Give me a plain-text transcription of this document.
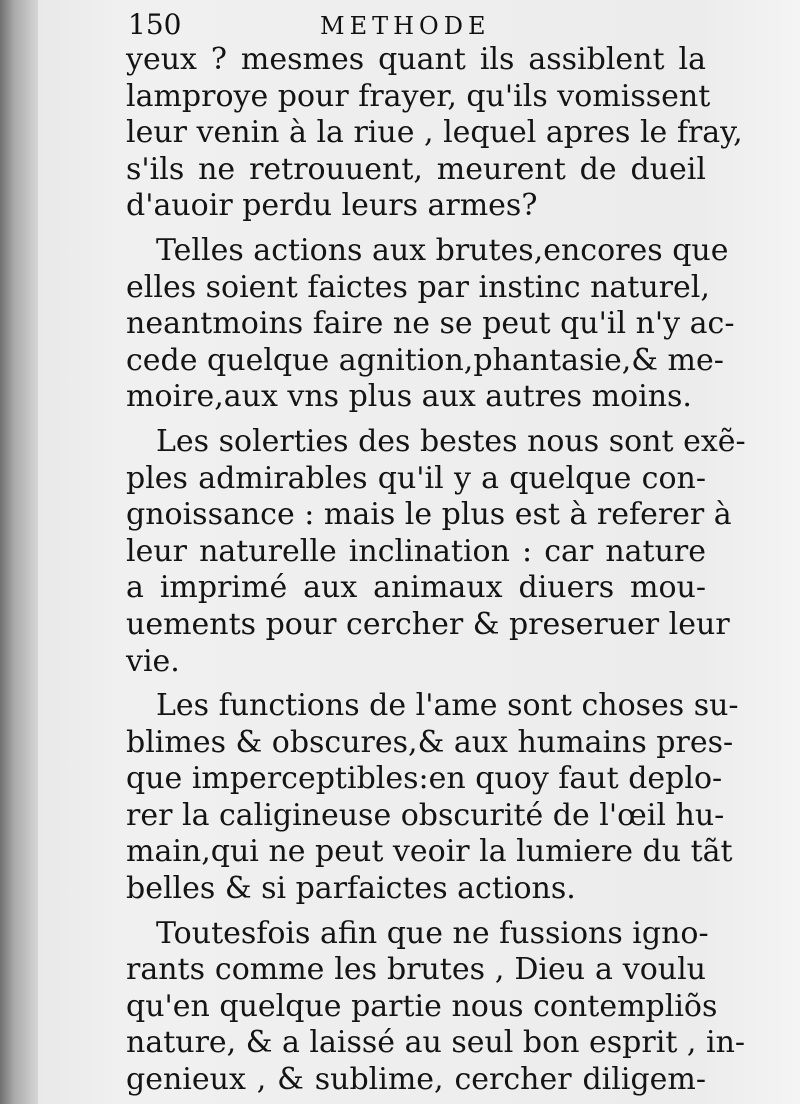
150	METHODE
yeux ? mesmes quant ils assiblent la
lamproye pour frayer, qu'ils vomissent
leur venin à la riue , lequel apres le fray,
s'ils ne retrouuent, meurent de dueil
d'auoir perdu leurs armes?
Telles actions aux brutes,encores que
elles soient faictes par instinc naturel,
neantmoins faire ne se peut qu'il n'y ac-
cede quelque agnition,phantasie,& me-
moire,aux vns plus aux autres moins.
Les solerties des bestes nous sont exẽ-
ples admirables qu'il y a quelque con-
gnoissance : mais le plus est à referer à
leur naturelle inclination : car nature
a imprimé aux animaux diuers mou-
uements pour cercher & preseruer leur
vie.
Les functions de l'ame sont choses su-
blimes & obscures,& aux humains pres-
que imperceptibles:en quoy faut deplo-
rer la caligineuse obscurité de l'œil hu-
main,qui ne peut veoir la lumiere du tãt
belles & si parfaictes actions.
Toutesfois afin que ne fussions igno-
rants comme les brutes , Dieu a voulu
qu'en quelque partie nous contempliõs
nature, & a laissé au seul bon esprit , in-
genieux , & sublime, cercher diligem-
